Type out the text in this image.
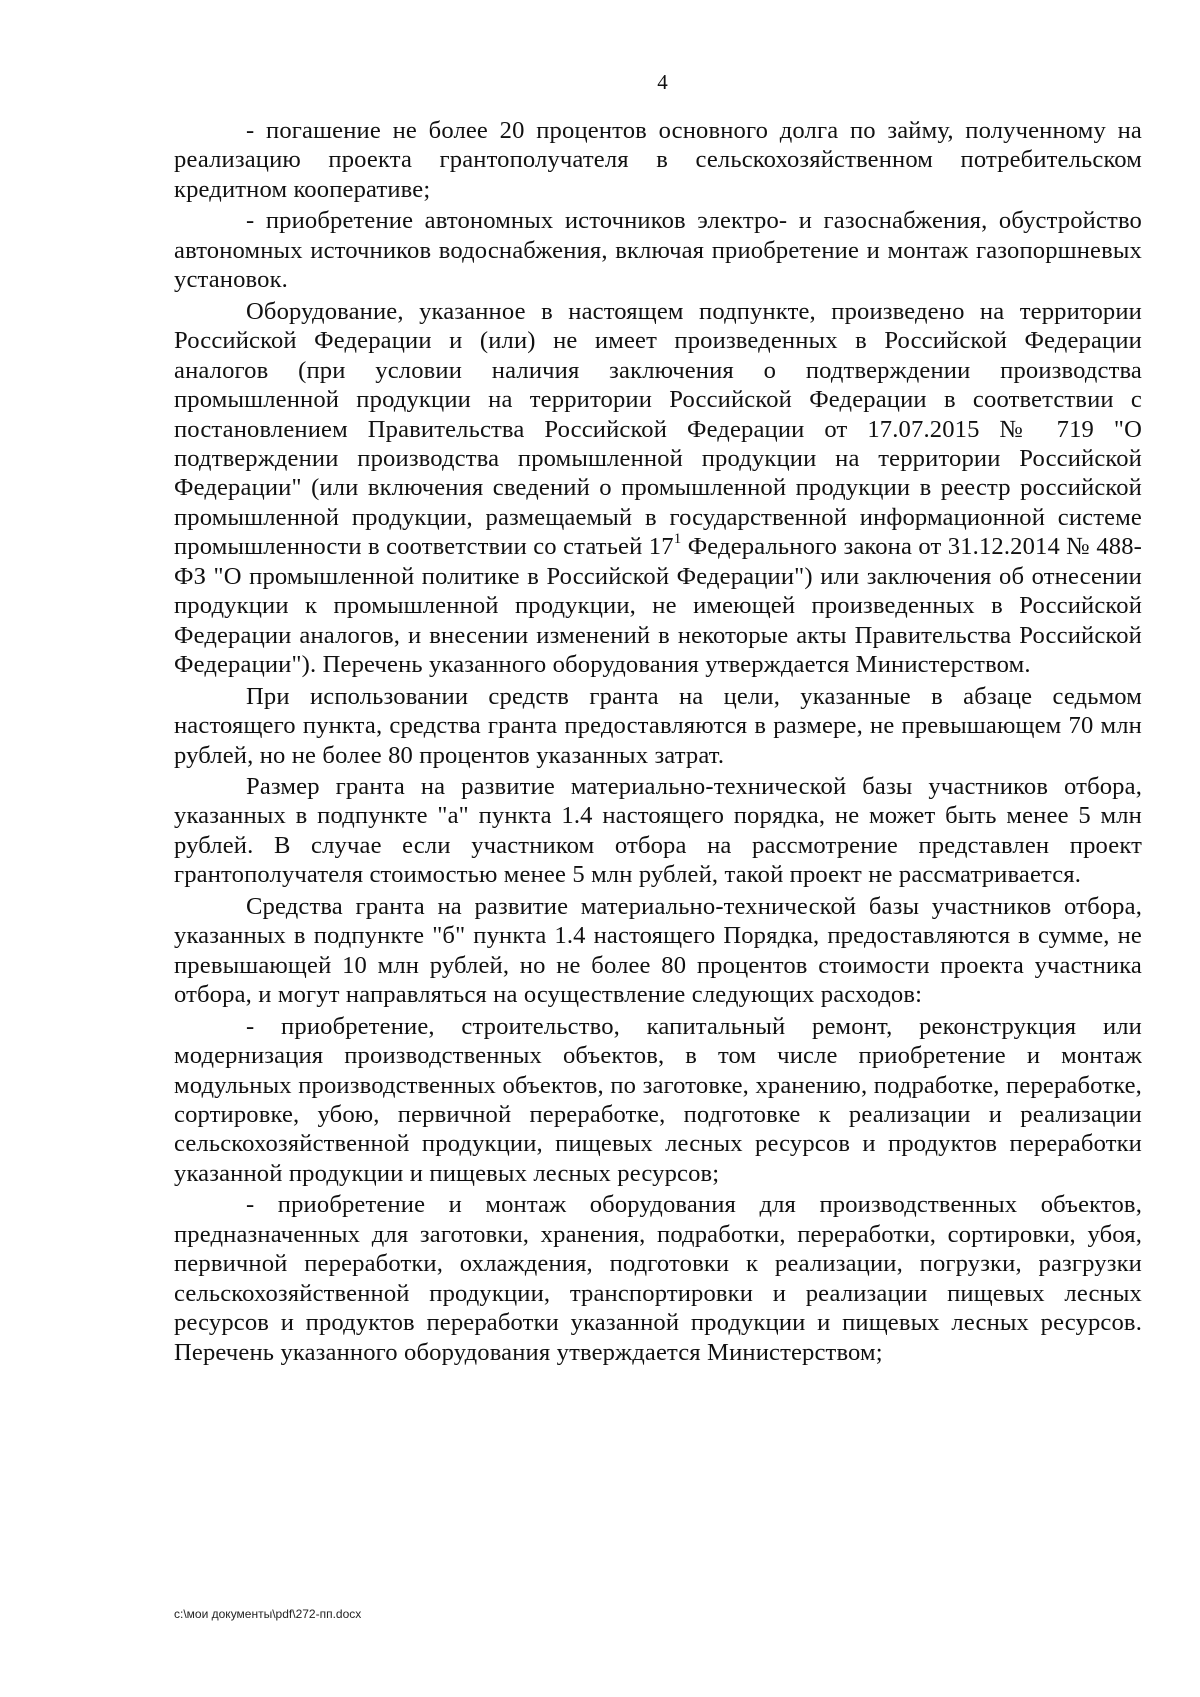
4

- погашение не более 20 процентов основного долга по займу, полученному на реализацию проекта грантополучателя в сельскохозяйственном потребительском кредитном кооперативе;

- приобретение автономных источников электро- и газоснабжения, обустройство автономных источников водоснабжения, включая приобретение и монтаж газопоршневых установок.

Оборудование, указанное в настоящем подпункте, произведено на территории Российской Федерации и (или) не имеет произведенных в Российской Федерации аналогов (при условии наличия заключения о подтверждении производства промышленной продукции на территории Российской Федерации в соответствии с постановлением Правительства Российской Федерации от 17.07.2015 № 719 "О подтверждении производства промышленной продукции на территории Российской Федерации" (или включения сведений о промышленной продукции в реестр российской промышленной продукции, размещаемый в государственной информационной системе промышленности в соответствии со статьей 17$^1$ Федерального закона от 31.12.2014 № 488-ФЗ "О промышленной политике в Российской Федерации") или заключения об отнесении продукции к промышленной продукции, не имеющей произведенных в Российской Федерации аналогов, и внесении изменений в некоторые акты Правительства Российской Федерации"). Перечень указанного оборудования утверждается Министерством.

При использовании средств гранта на цели, указанные в абзаце седьмом настоящего пункта, средства гранта предоставляются в размере, не превышающем 70 млн рублей, но не более 80 процентов указанных затрат.

Размер гранта на развитие материально-технической базы участников отбора, указанных в подпункте "а" пункта 1.4 настоящего порядка, не может быть менее 5 млн рублей. В случае если участником отбора на рассмотрение представлен проект грантополучателя стоимостью менее 5 млн рублей, такой проект не рассматривается.

Средства гранта на развитие материально-технической базы участников отбора, указанных в подпункте "б" пункта 1.4 настоящего Порядка, предоставляются в сумме, не превышающей 10 млн рублей, но не более 80 процентов стоимости проекта участника отбора, и могут направляться на осуществление следующих расходов:

- приобретение, строительство, капитальный ремонт, реконструкция или модернизация производственных объектов, в том числе приобретение и монтаж модульных производственных объектов, по заготовке, хранению, подработке, переработке, сортировке, убою, первичной переработке, подготовке к реализации и реализации сельскохозяйственной продукции, пищевых лесных ресурсов и продуктов переработки указанной продукции и пищевых лесных ресурсов;

- приобретение и монтаж оборудования для производственных объектов, предназначенных для заготовки, хранения, подработки, переработки, сортировки, убоя, первичной переработки, охлаждения, подготовки к реализации, погрузки, разгрузки сельскохозяйственной продукции, транспортировки и реализации пищевых лесных ресурсов и продуктов переработки указанной продукции и пищевых лесных ресурсов. Перечень указанного оборудования утверждается Министерством;

c:\мои документы\pdf\272-пп.docx
